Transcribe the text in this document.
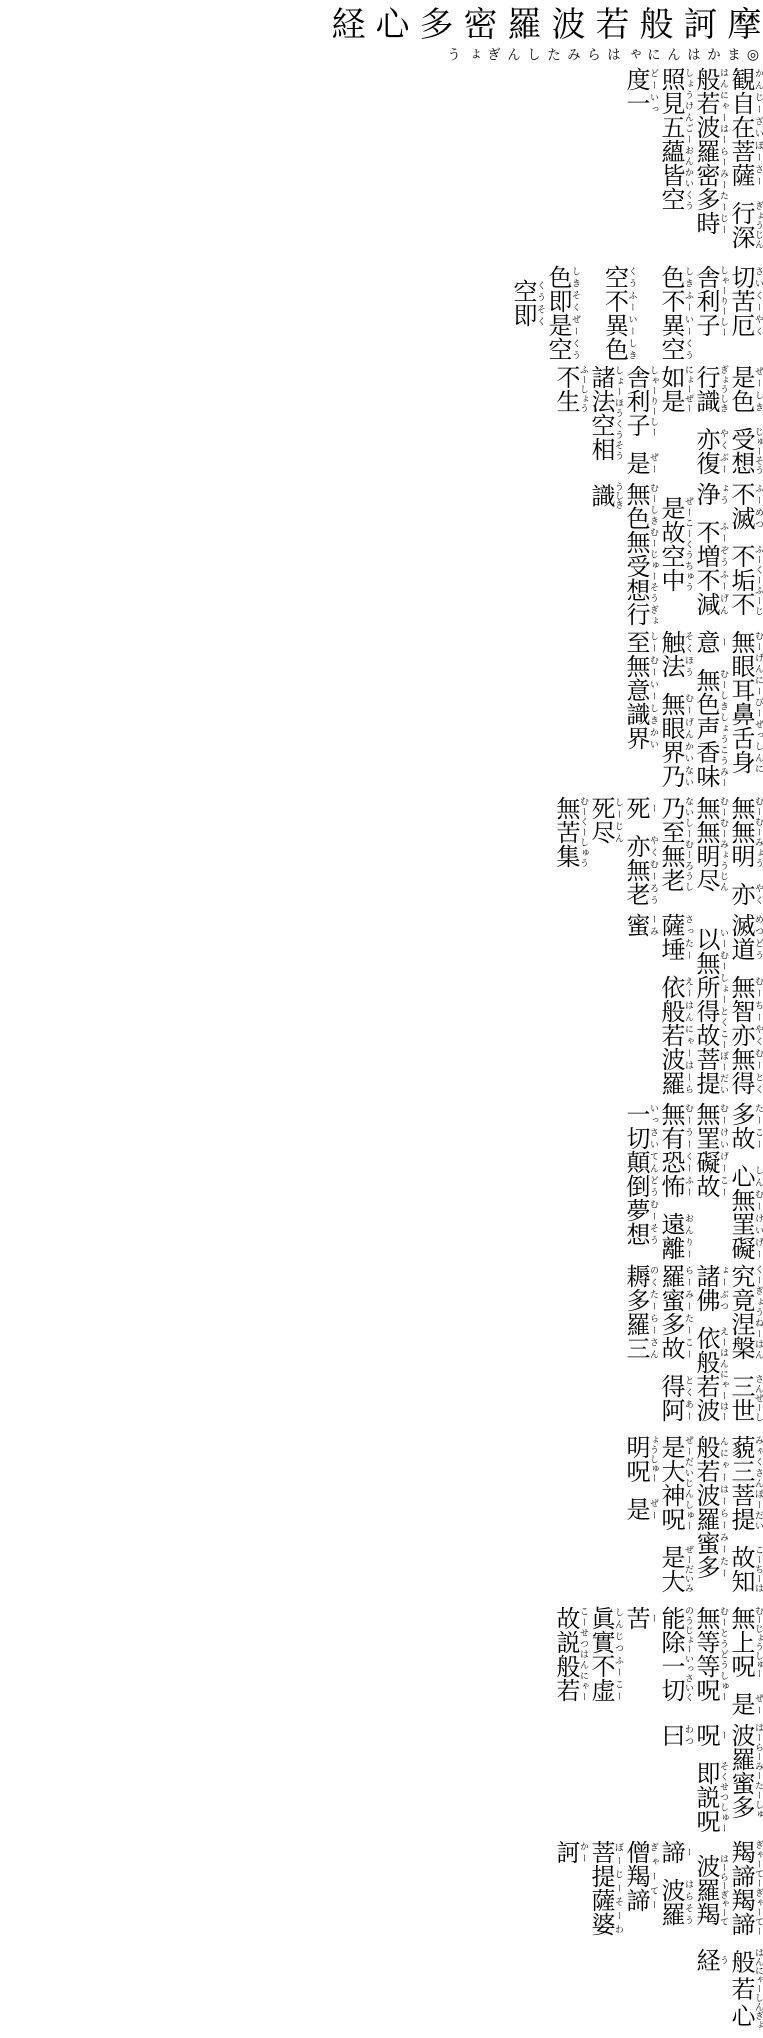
摩訶般若波羅密多心経
◎まかはんにゃはらみたしんぎょう
観自在菩薩かんじーざいぼーさー行深般若波羅密多時	ぎょうじんはんにゃーはーらーみーたーじー照見五蘊皆空しょうけんごーおんかいくう度一どーいっ
切苦厄さいくーやく舎利子しゃーりーしー色不異空しきふーいーくう空不異色くうふーいーしき色即是空しきそくぜーくう空即くうそく
是色ぜーしき受想行識じゅーそうぎょうしき亦復如是やくぶーにょーぜー舎利子しゃーりーしー是諸法空相ぜーしょーほうくうそう不生ふーしょう
不滅ふーめつ不垢不浄ふーくーふーじょう不増不減ふーぞうふーげん是故空中ぜーこーくうちゅう無色無受想行識	むーしきむーじゅーそうぎょうしき
無眼耳鼻舌身意	むーげんにーびーぜっしんにー無色声香味触法むーしきしょうこうみーそくほう無眼界乃至無意識界	むーげんかいないしーむーいーしきかい
無無明むーむーみょう亦無無明尽やくむーむーみょうじん乃至無老死	ないしーむーろうしー亦無老死尽やくむーろうしーじん無苦集むーくーしゅう
滅道めつどう無智亦無得むーちーやくむーとく以無所得故菩提薩埵	いーむーしょーとくこーぼーだいさったー依般若波羅蜜えーはんにゃーはーらーみ
多故たーこー心無罣礙無罣礙故しんむーけいげーむーけいげーこー無有恐怖むーうーくーふー遠離一切顛倒夢想	おんりーいっさいてんどうむーそう
究竟涅槃くーぎょうねーはん三世諸佛さんぜーしょーぶつ依般若波羅蜜多故えーはんにゃーはーらーみーたーこー得阿耨多羅三とくあーのくたーらーさん
藐三菩提みゃくさんぼーだい故知般若波羅蜜多	こーちーはんにゃーはーらーみーたー是大神呪ぜーだいじんしゅー是大明呪ぜーだいみょうしゅー是ぜー
無上呪むーじょうしゅー是無等等呪ぜーむーとうどうしゅー能除一切苦	のうじょーいっさいくー眞實不虚しんじつふーこー故説般若こーせつはんにゃー
波羅蜜多呪	はーらーみーたーしゅー即説呪曰そくせつしゅーわつ
羯諦羯諦ぎゃーてーぎゃーてー波羅羯諦はーらーぎゃーてー波羅僧羯諦	はらそうぎゃーてー菩提薩婆訶	ぼーじーそーわかー
般若心経	はんにゃーしんぎょう
